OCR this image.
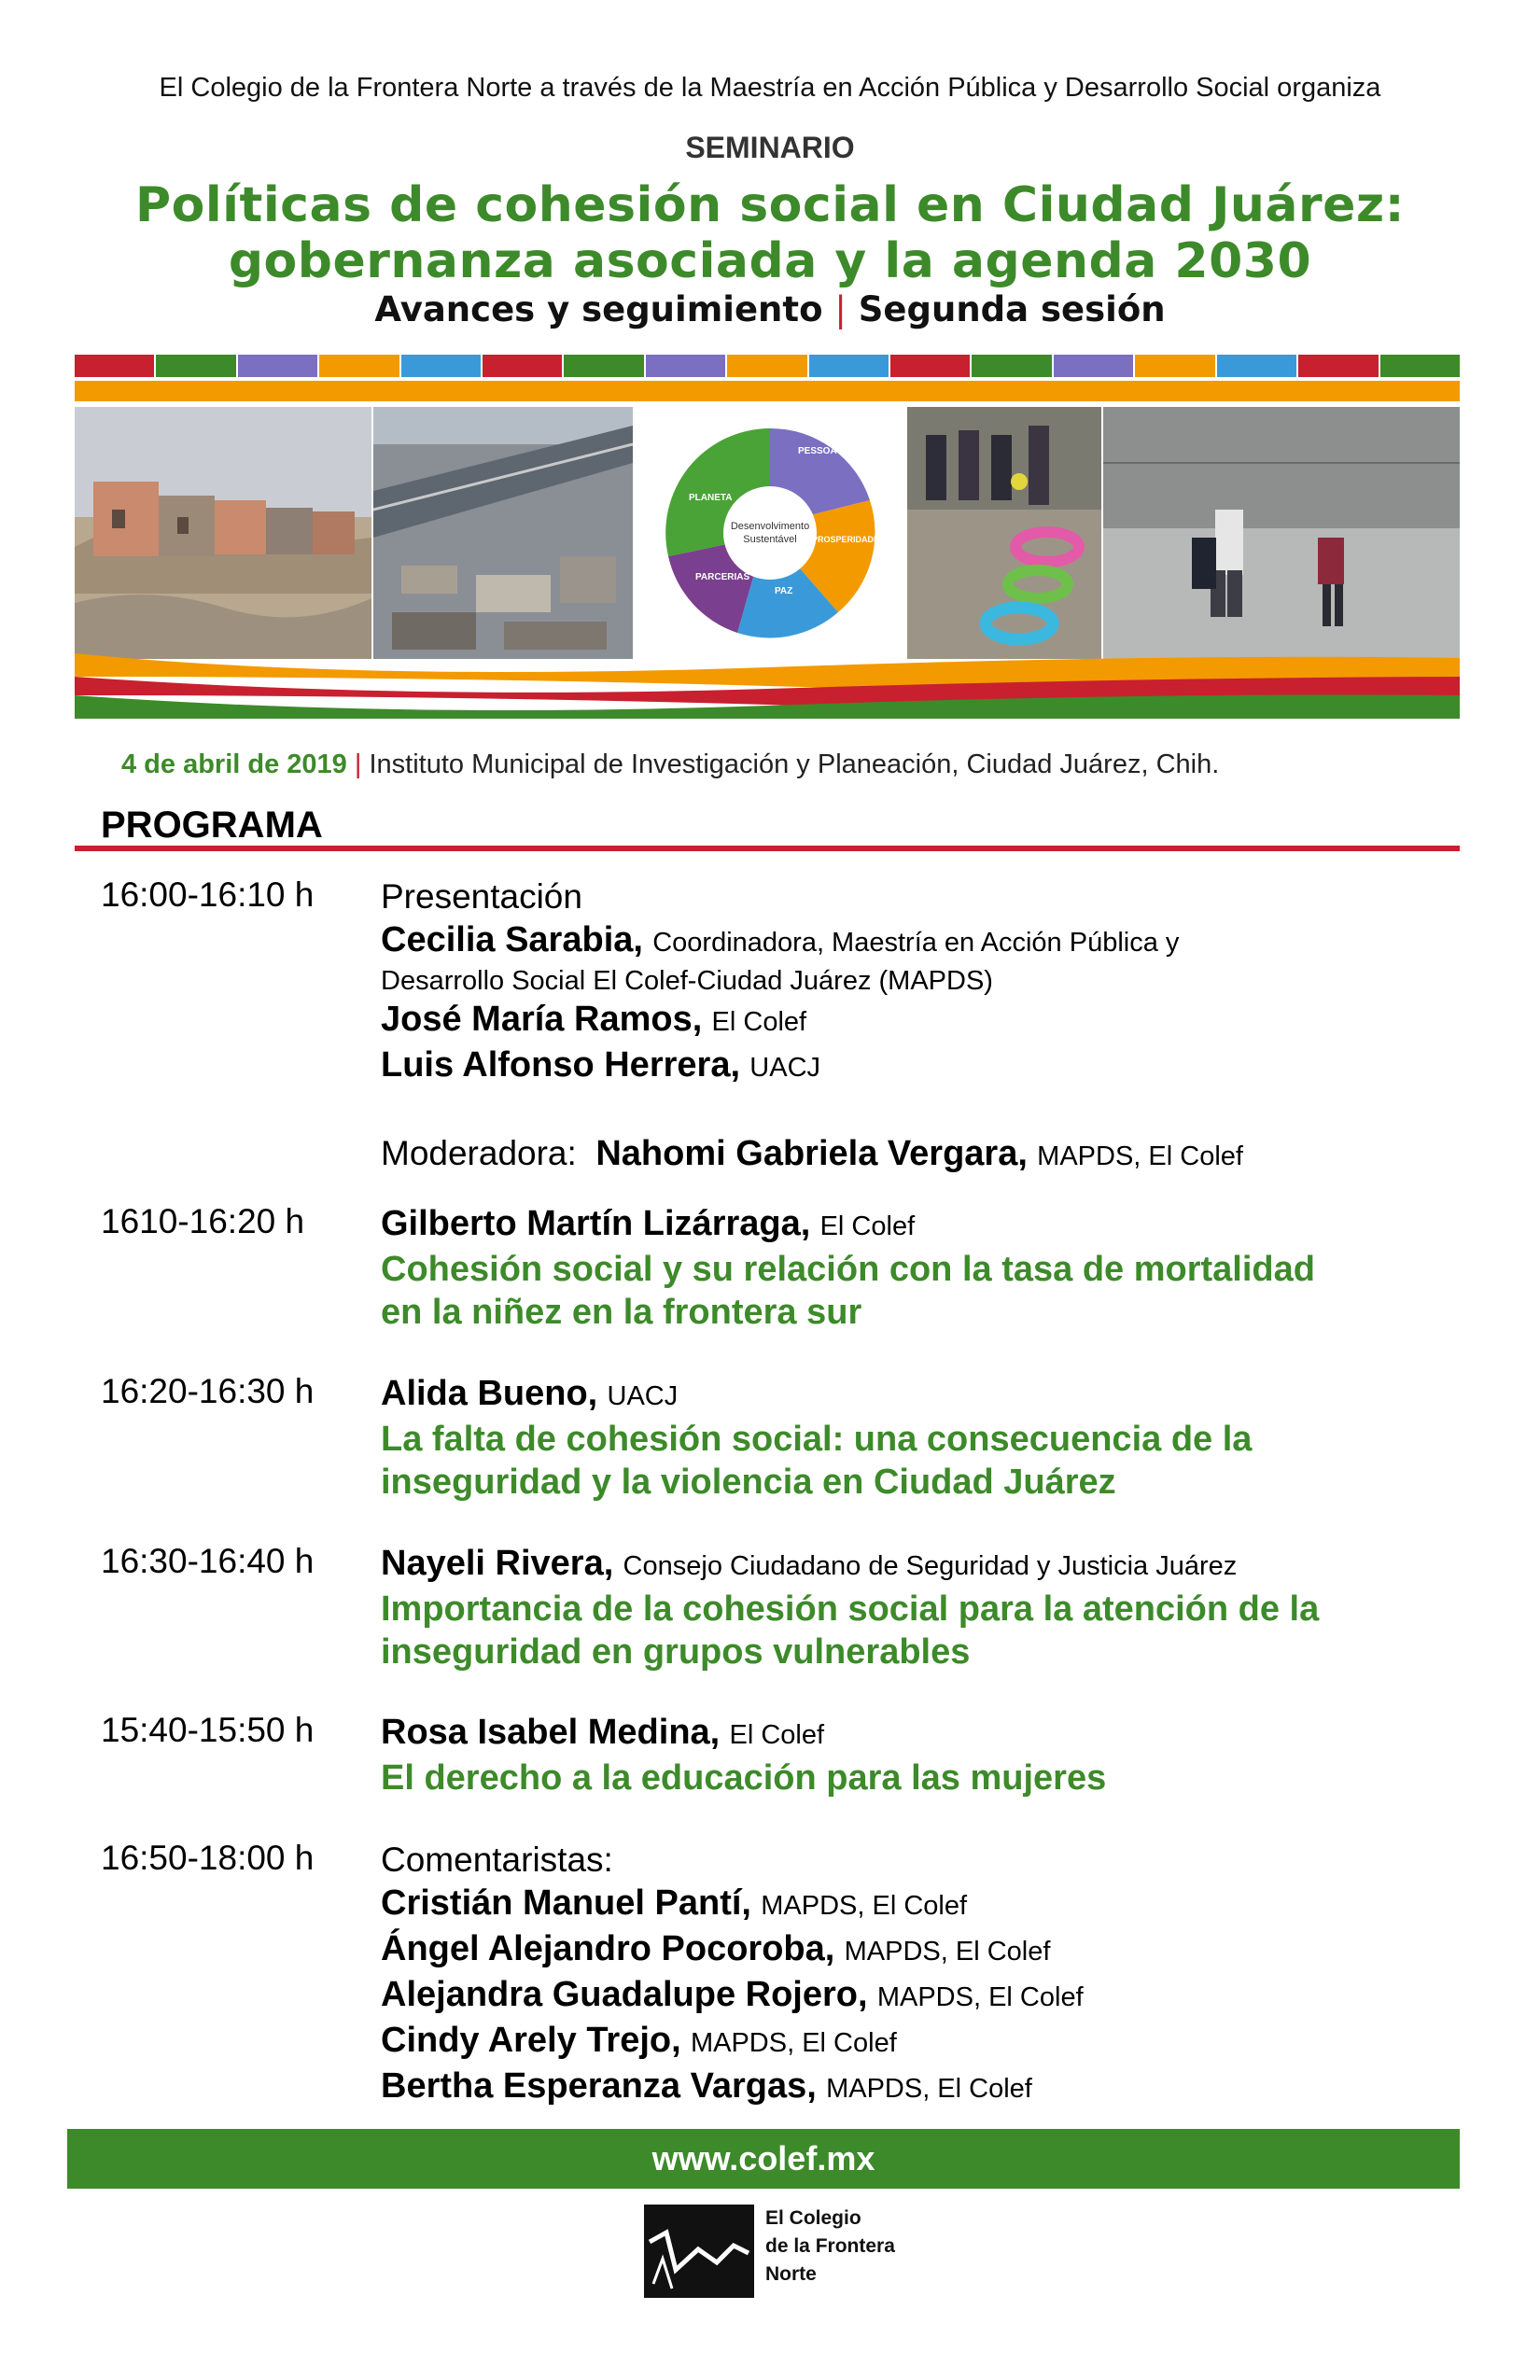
El Colegio de la Frontera Norte a través de la Maestría en Acción Pública y Desarrollo Social organiza
SEMINARIO
Políticas de cohesión social en Ciudad Juárez:
gobernanza asociada y la agenda 2030
Avances y seguimiento | Segunda sesión
Desenvolvimento
Sustentável
PESSOAS
PLANETA
PROSPERIDADE
PARCERIAS
PAZ
4 de abril de 2019 | Instituto Municipal de Investigación y Planeación, Ciudad Juárez, Chih.
PROGRAMA
16:00-16:10 h	Presentación
Cecilia Sarabia, Coordinadora, Maestría en Acción Pública y
Desarrollo Social El Colef-Ciudad Juárez (MAPDS)
José María Ramos, El Colef
Luis Alfonso Herrera, UACJ
Moderadora: Nahomi Gabriela Vergara, MAPDS, El Colef
1610-16:20 h	Gilberto Martín Lizárraga, El Colef
Cohesión social y su relación con la tasa de mortalidad
en la niñez en la frontera sur
16:20-16:30 h	Alida Bueno, UACJ
La falta de cohesión social: una consecuencia de la
inseguridad y la violencia en Ciudad Juárez
16:30-16:40 h	Nayeli Rivera, Consejo Ciudadano de Seguridad y Justicia Juárez
Importancia de la cohesión social para la atención de la
inseguridad en grupos vulnerables
15:40-15:50 h	Rosa Isabel Medina, El Colef
El derecho a la educación para las mujeres
16:50-18:00 h	Comentaristas:
Cristián Manuel Pantí, MAPDS, El Colef
Ángel Alejandro Pocoroba, MAPDS, El Colef
Alejandra Guadalupe Rojero, MAPDS, El Colef
Cindy Arely Trejo, MAPDS, El Colef
Bertha Esperanza Vargas, MAPDS, El Colef
www.colef.mx
El Colegio
de la Frontera
Norte
